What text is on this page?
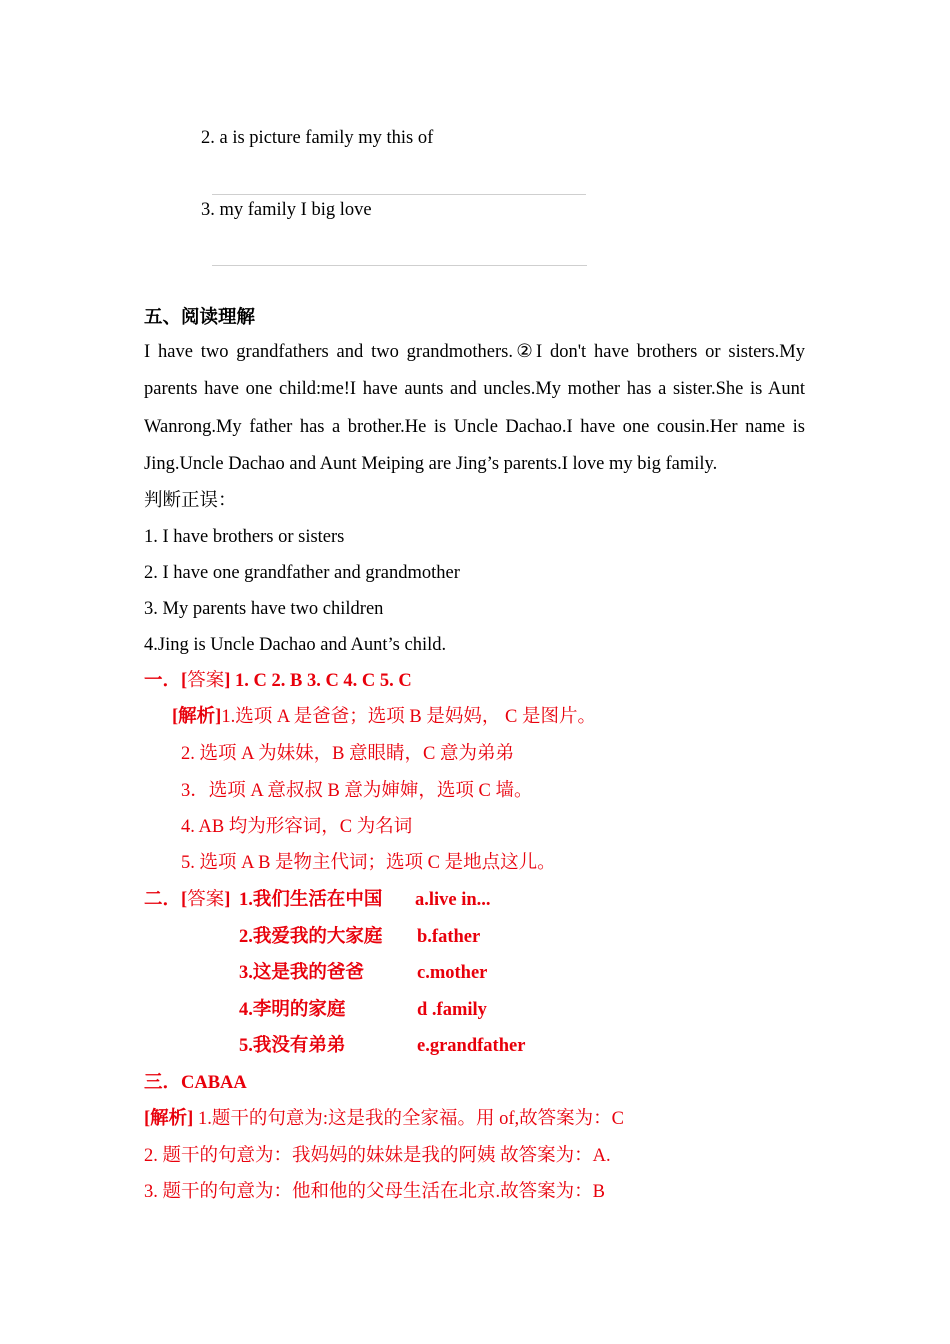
2. a is picture family my this of
3. my family I big love
五、阅读理解
I have two grandfathers and two grandmothers.②I don't have brothers or sisters.My parents have one child:me!I have aunts and uncles.My mother has a sister.She is Aunt Wanrong.My father has a brother.He is Uncle Dachao.I have one cousin.Her name is Jing.Uncle Dachao and Aunt Meiping are Jing’s parents.I love my big family.
判断正误：
1. I have brothers or sisters
2. I have one grandfather and grandmother
3. My parents have two children
4.Jing is Uncle Dachao and Aunt’s child.
一．[答案] 1. C 2. B 3. C 4. C 5. C
[解析]1.选项 A 是爸爸；选项 B 是妈妈， C 是图片。
2. 选项 A 为妹妹，B 意眼睛，C 意为弟弟
3．选项 A 意叔叔 B 意为婶婶，选项 C 墙。
4. AB 均为形容词，C 为名词
5. 选项 A B 是物主代词；选项 C 是地点这儿。
二．[答案] 1.我们生活在中国 a.live in...
2.我爱我的大家庭 b.father
3.这是我的爸爸	c.mother
4.李明的家庭	d .family
5.我没有弟弟	e.grandfather
三．CABAA
[解析] 1.题干的句意为:这是我的全家福。用 of,故答案为：C
2. 题干的句意为：我妈妈的妹妹是我的阿姨 故答案为：A.
3. 题干的句意为：他和他的父母生活在北京.故答案为：B
